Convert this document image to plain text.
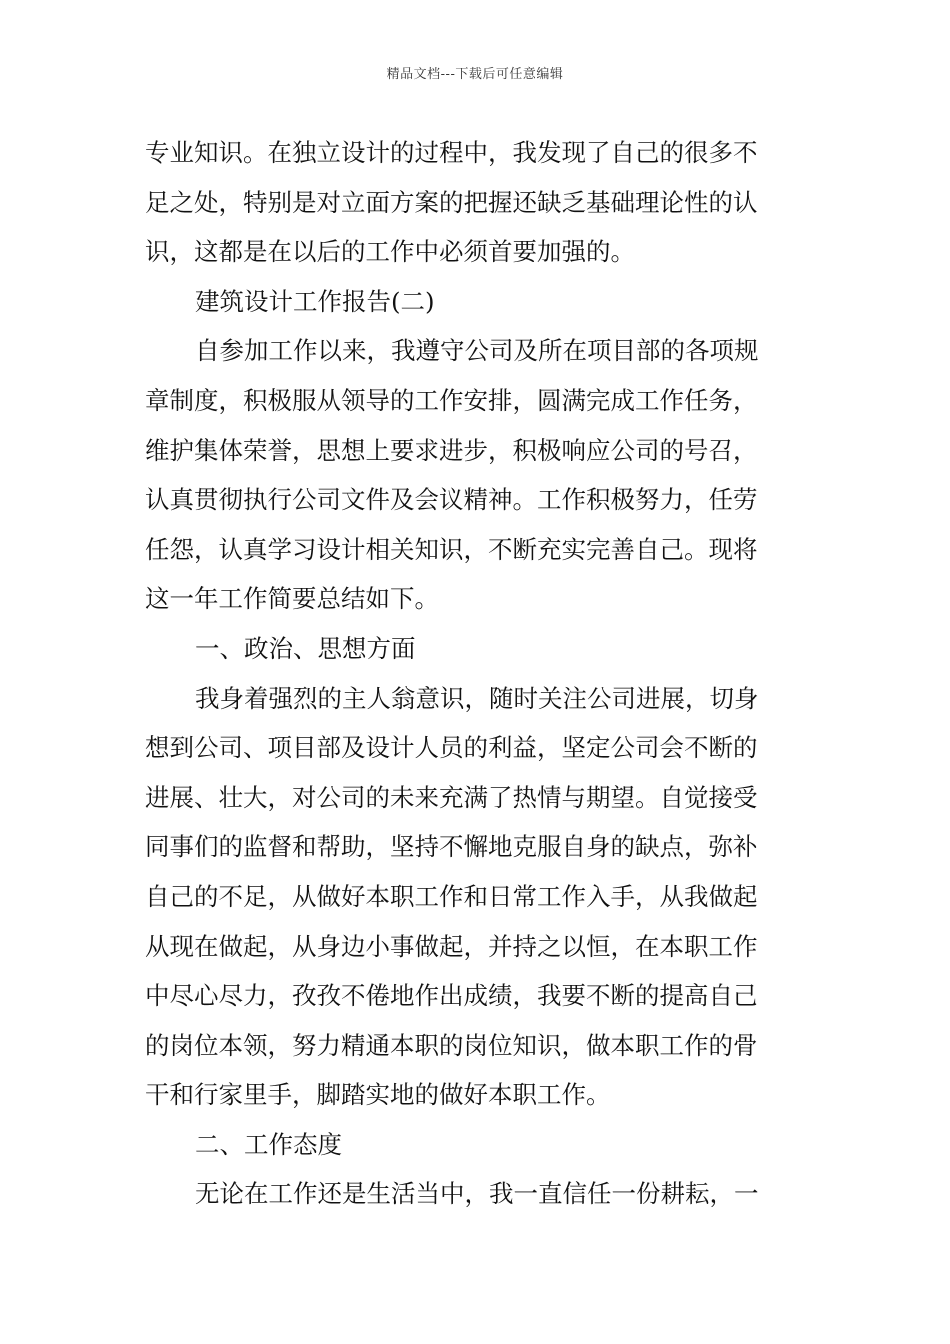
精品文档---下载后可任意编辑
专业知识。在独立设计的过程中，我发现了自己的很多不
足之处，特别是对立面方案的把握还缺乏基础理论性的认
识，这都是在以后的工作中必须首要加强的。
建筑设计工作报告(二)
自参加工作以来，我遵守公司及所在项目部的各项规
章制度，积极服从领导的工作安排，圆满完成工作任务，
维护集体荣誉，思想上要求进步，积极响应公司的号召，
认真贯彻执行公司文件及会议精神。工作积极努力，任劳
任怨，认真学习设计相关知识，不断充实完善自己。现将
这一年工作简要总结如下。
一、政治、思想方面
我身着强烈的主人翁意识，随时关注公司进展，切身
想到公司、项目部及设计人员的利益，坚定公司会不断的
进展、壮大，对公司的未来充满了热情与期望。自觉接受
同事们的监督和帮助，坚持不懈地克服自身的缺点，弥补
自己的不足，从做好本职工作和日常工作入手，从我做起
从现在做起，从身边小事做起，并持之以恒，在本职工作
中尽心尽力，孜孜不倦地作出成绩，我要不断的提高自己
的岗位本领，努力精通本职的岗位知识，做本职工作的骨
干和行家里手，脚踏实地的做好本职工作。
二、工作态度
无论在工作还是生活当中，我一直信任一份耕耘，一
